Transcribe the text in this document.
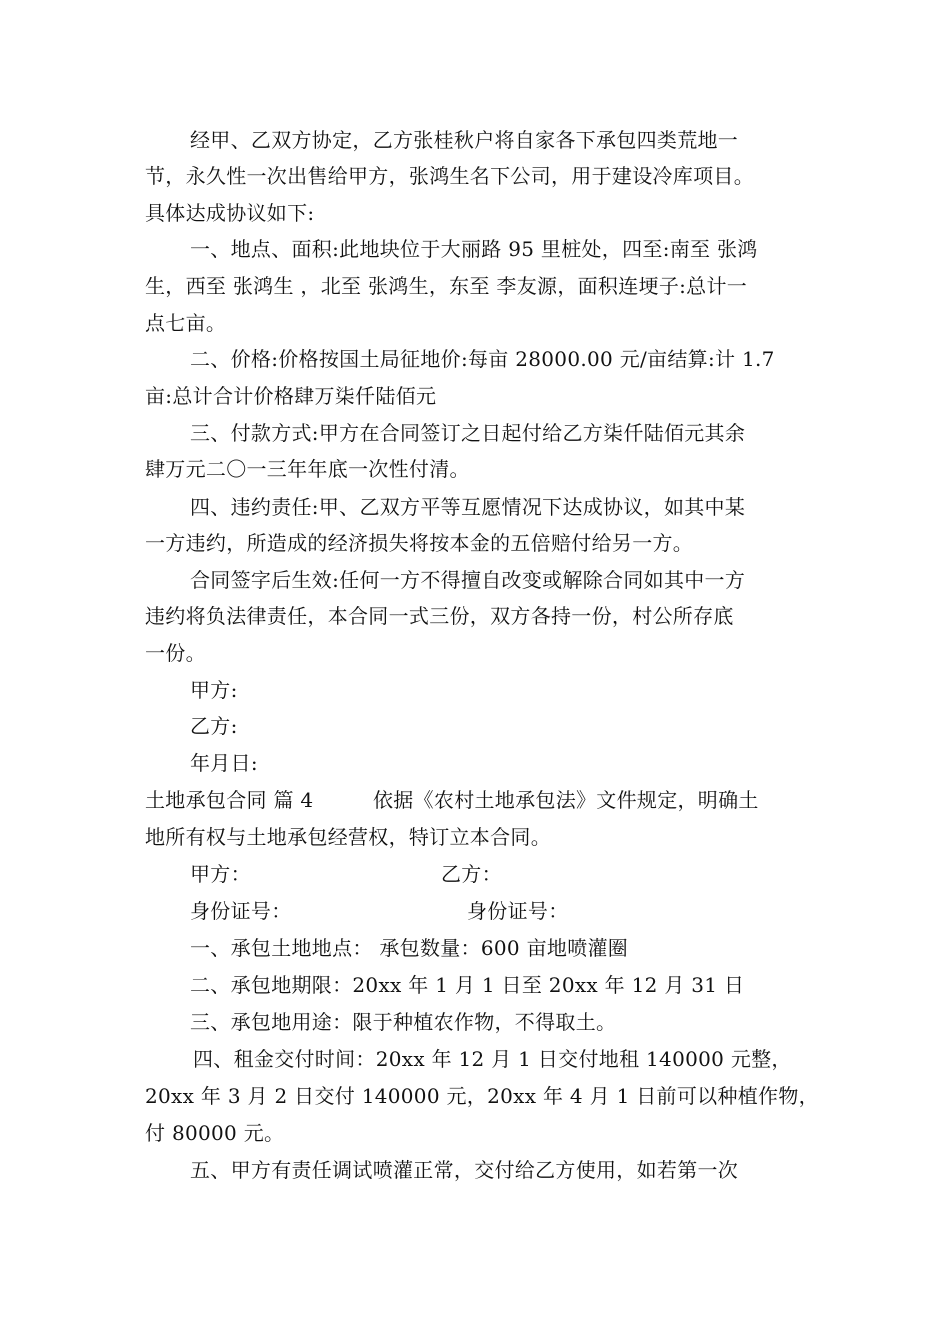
经甲、乙双方协定，乙方张桂秋户将自家各下承包四类荒地一
节，永久性一次出售给甲方，张鸿生名下公司，用于建设冷库项目。
具体达成协议如下:
一、地点、面积:此地块位于大丽路 95 里桩处，四至:南至 张鸿
生，西至 张鸿生 ，北至 张鸿生，东至 李友源，面积连埂子:总计一
点七亩。
二、价格:价格按国土局征地价:每亩 28000.00 元/亩结算:计 1.7
亩:总计合计价格肆万柒仟陆佰元
三、付款方式:甲方在合同签订之日起付给乙方柒仟陆佰元其余
肆万元二〇一三年年底一次性付清。
四、违约责任:甲、乙双方平等互愿情况下达成协议，如其中某
一方违约，所造成的经济损失将按本金的五倍赔付给另一方。
合同签字后生效:任何一方不得擅自改变或解除合同如其中一方
违约将负法律责任，本合同一式三份，双方各持一份，村公所存底
一份。
甲方:
乙方:
年月日:
土地承包合同 篇 4	依据《农村土地承包法》文件规定，明确土
地所有权与土地承包经营权，特订立本合同。
甲方：	乙方：
身份证号：	身份证号：
一、承包土地地点： 承包数量：600 亩地喷灌圈
二、承包地期限：20xx 年 1 月 1 日至 20xx 年 12 月 31 日
三、承包地用途：限于种植农作物，不得取土。
四、租金交付时间：20xx 年 12 月 1 日交付地租 140000 元整，
20xx 年 3 月 2 日交付 140000 元，20xx 年 4 月 1 日前可以种植作物，
付 80000 元。
五、甲方有责任调试喷灌正常，交付给乙方使用，如若第一次
